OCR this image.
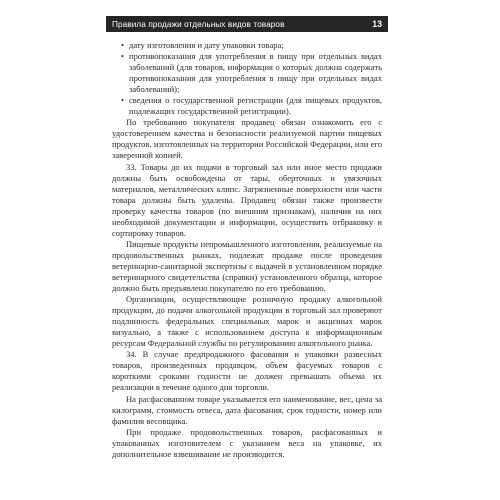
Правила продажи отдельных видов товаров	13
• дату изготовления и дату упаковки товара;
• противопоказания для употребления в пищу при отдельных видах заболеваний (для товаров, информация о которых должна содержать противопоказания для употребления в пищу при отдельных видах заболеваний);
• сведения о государственной регистрации (для пищевых продуктов, подлежащих государственной регистрации).

По требованию покупателя продавец обязан ознакомить его с удостоверением качества и безопасности реализуемой партии пищевых продуктов, изготовленных на территории Российской Федерации, или его заверенной копией.

33. Товары до их подачи в торговый зал или иное место продажи должны быть освобождены от тары, оберточных и увязочных материалов, металлических клипс. Загрязненные поверхности или части товара должны быть удалены. Продавец обязан также произвести проверку качества товаров (по внешним признакам), наличия на них необходимой документации и информации, осуществить отбраковку и сортировку товаров.

Пищевые продукты непромышленного изготовления, реализуемые на продовольственных рынках, подлежат продаже после проведения ветеринарно-санитарной экспертизы с выдачей в установленном порядке ветеринарного свидетельства (справки) установленного образца, которое должно быть предъявлено покупателю по его требованию.

Организации, осуществляющие розничную продажу алкогольной продукции, до подачи алкогольной продукции в торговый зал проверяют подлинность федеральных специальных марок и акцизных марок визуально, а также с использованием доступа к информационным ресурсам Федеральной службы по регулированию алкогольного рынка.

34. В случае предпродажного фасования и упаковки развесных товаров, произведенных продавцом, объем фасуемых товаров с короткими сроками годности не должен превышать объема их реализации в течение одного дня торговли.

На расфасованном товаре указывается его наименование, вес, цена за килограмм, стоимость отвеса, дата фасования, срок годности, номер или фамилия весовщика.

При продаже продовольственных товаров, расфасованных и упакованных изготовителем с указанием веса на упаковке, их дополнительное взвешивание не производится.
